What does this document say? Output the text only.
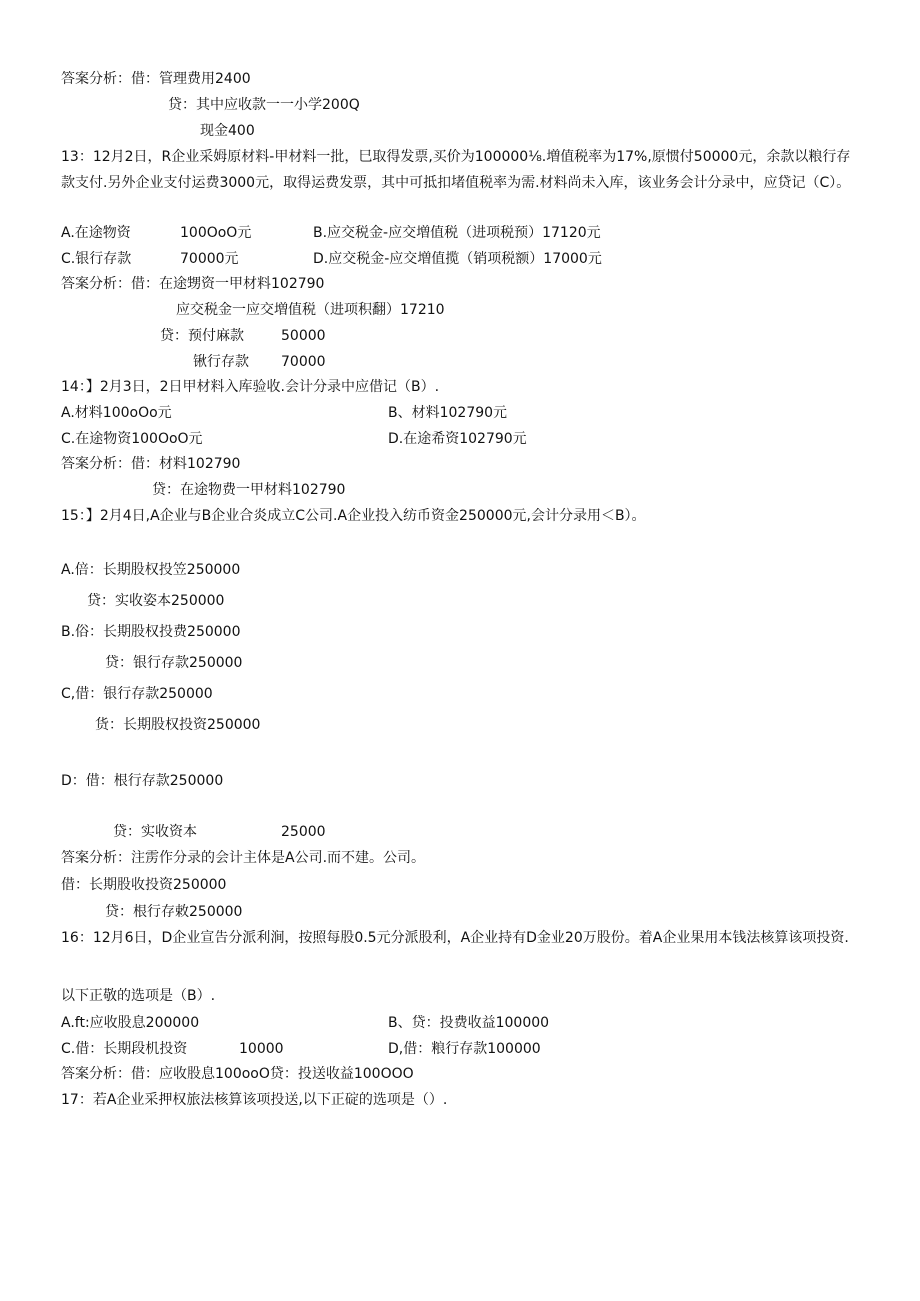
答案分析：借：管理费用2400
贷：其中应收款一一小学200Q
现金400
13：12月2日，R企业采姆原材料-甲材料一批，巳取得发票,买价为100000⅛.増值税率为17%,原惯付50000元，余款以粮行存款支付.另外企业支付运费3000元，取得运费发票，其中可抵扣堵值税率为需.材料尚未入库，该业务会计分录中，应贷记（C）。
A.在途物资	100OoO元	B.应交税金-应交増值税（进项税预）17120元
C.银行存款	70000元	D.应交税金-应交増值揽（销项税额）17000元
答案分析：借：在途甥资一甲材料102790
应交税金一应交増值税（进项积翻）17210
贷：预付麻款	50000
锹行存款 70000
14：】2月3日，2日甲材料入库验收.会计分录中应借记（B）.
A.材料100oOo元	B、材料102790元
C.在途物资100OoO元	D.在途希资102790元
答案分析：借：材料102790
贷：在途物费一甲材料102790
15：】2月4日,A企业与B企业合炎成立C公司.A企业投入纺币资金250000元,会计分录用＜B）。
A.倍：长期股权投笠250000
贷：实收姿本250000
B.俗：长期股权投费250000
贷：银行存款250000
C,借：银行存款250000
货：长期股权投资250000
D：借：根行存款250000
贷：实收资本	25000
答案分析：注雳作分录的会计主体是A公司.而不建。公司。
借：长期股收投资250000
贷：根行存敕250000
16：12月6日，D企业宣告分派利涧，按照每股0.5元分派股利，A企业持有D金业20万股份。着A企业果用本钱法核算该项投资.
以下正敬的选项是（B）.
A.ft:应收股息200000	B、贷：投费收益100000
C.借：长期段机投资	10000	D,借：粮行存款100000
答案分析：借：应收股息100ooO贷：投送收益100OOO
17：若A企业采押权旅法核算该项投送,以下正碇的选项是（）.
